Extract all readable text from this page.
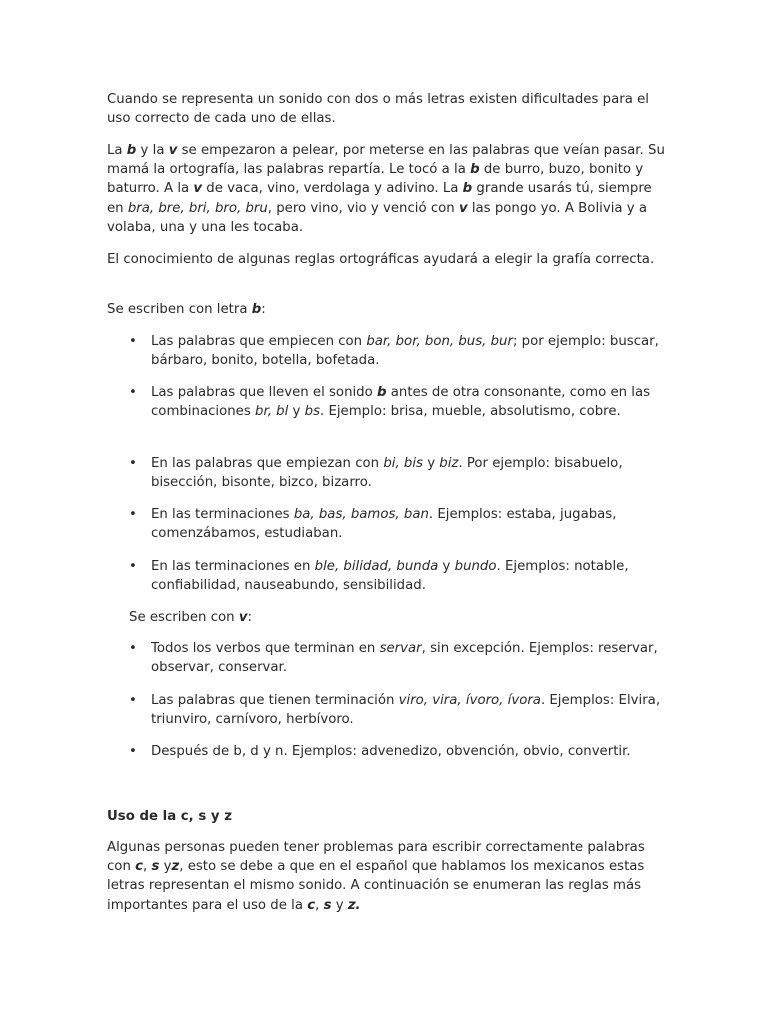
Cuando se representa un sonido con dos o más letras existen dificultades para el uso correcto de cada uno de ellas.

La b y la v se empezaron a pelear, por meterse en las palabras que veían pasar. Su mamá la ortografía, las palabras repartía. Le tocó a la b de burro, buzo, bonito y baturro. A la v de vaca, vino, verdolaga y adivino. La b grande usarás tú, siempre en bra, bre, bri, bro, bru, pero vino, vio y venció con v las pongo yo. A Bolivia y a volaba, una y una les tocaba.

El conocimiento de algunas reglas ortográficas ayudará a elegir la grafía correcta.

Se escriben con letra b:

• Las palabras que empiecen con bar, bor, bon, bus, bur; por ejemplo: buscar, bárbaro, bonito, botella, bofetada.
• Las palabras que lleven el sonido b antes de otra consonante, como en las combinaciones br, bl y bs. Ejemplo: brisa, mueble, absolutismo, cobre.
• En las palabras que empiezan con bi, bis y biz. Por ejemplo: bisabuelo, bisección, bisonte, bizco, bizarro.
• En las terminaciones ba, bas, bamos, ban. Ejemplos: estaba, jugabas, comenzábamos, estudiaban.
• En las terminaciones en ble, bilidad, bunda y bundo. Ejemplos: notable, confiabilidad, nauseabundo, sensibilidad.

Se escriben con v:

• Todos los verbos que terminan en servar, sin excepción. Ejemplos: reservar, observar, conservar.
• Las palabras que tienen terminación viro, vira, ívoro, ívora. Ejemplos: Elvira, triunviro, carnívoro, herbívoro.
• Después de b, d y n. Ejemplos: advenedizo, obvención, obvio, convertir.
Uso de la c, s y z

Algunas personas pueden tener problemas para escribir correctamente palabras con c, s yz, esto se debe a que en el español que hablamos los mexicanos estas letras representan el mismo sonido. A continuación se enumeran las reglas más importantes para el uso de la c, s y z.
